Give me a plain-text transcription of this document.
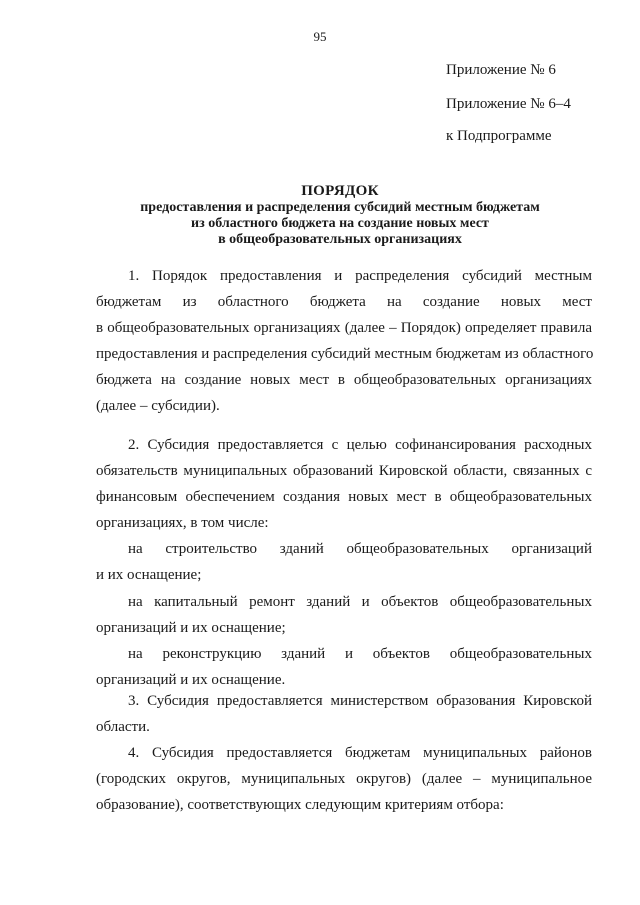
95
Приложение № 6
Приложение № 6–4
к Подпрограмме
ПОРЯДОК
предоставления и распределения субсидий местным бюджетам
из областного бюджета на создание новых мест
в общеобразовательных организациях
1. Порядок предоставления и распределения субсидий местным
бюджетам из областного бюджета на создание новых мест
в общеобразовательных организациях (далее – Порядок) определяет правила
предоставления и распределения субсидий местным бюджетам из областного
бюджета на создание новых мест в общеобразовательных организациях
(далее – субсидии).
2. Субсидия предоставляется с целью софинансирования расходных
обязательств муниципальных образований Кировской области, связанных с
финансовым обеспечением создания новых мест в общеобразовательных
организациях, в том числе:
на строительство зданий общеобразовательных организаций
и их оснащение;
на капитальный ремонт зданий и объектов общеобразовательных
организаций и их оснащение;
на реконструкцию зданий и объектов общеобразовательных
организаций и их оснащение.
3. Субсидия предоставляется министерством образования Кировской
области.
4. Субсидия предоставляется бюджетам муниципальных районов
(городских округов, муниципальных округов) (далее – муниципальное
образование), соответствующих следующим критериям отбора:
